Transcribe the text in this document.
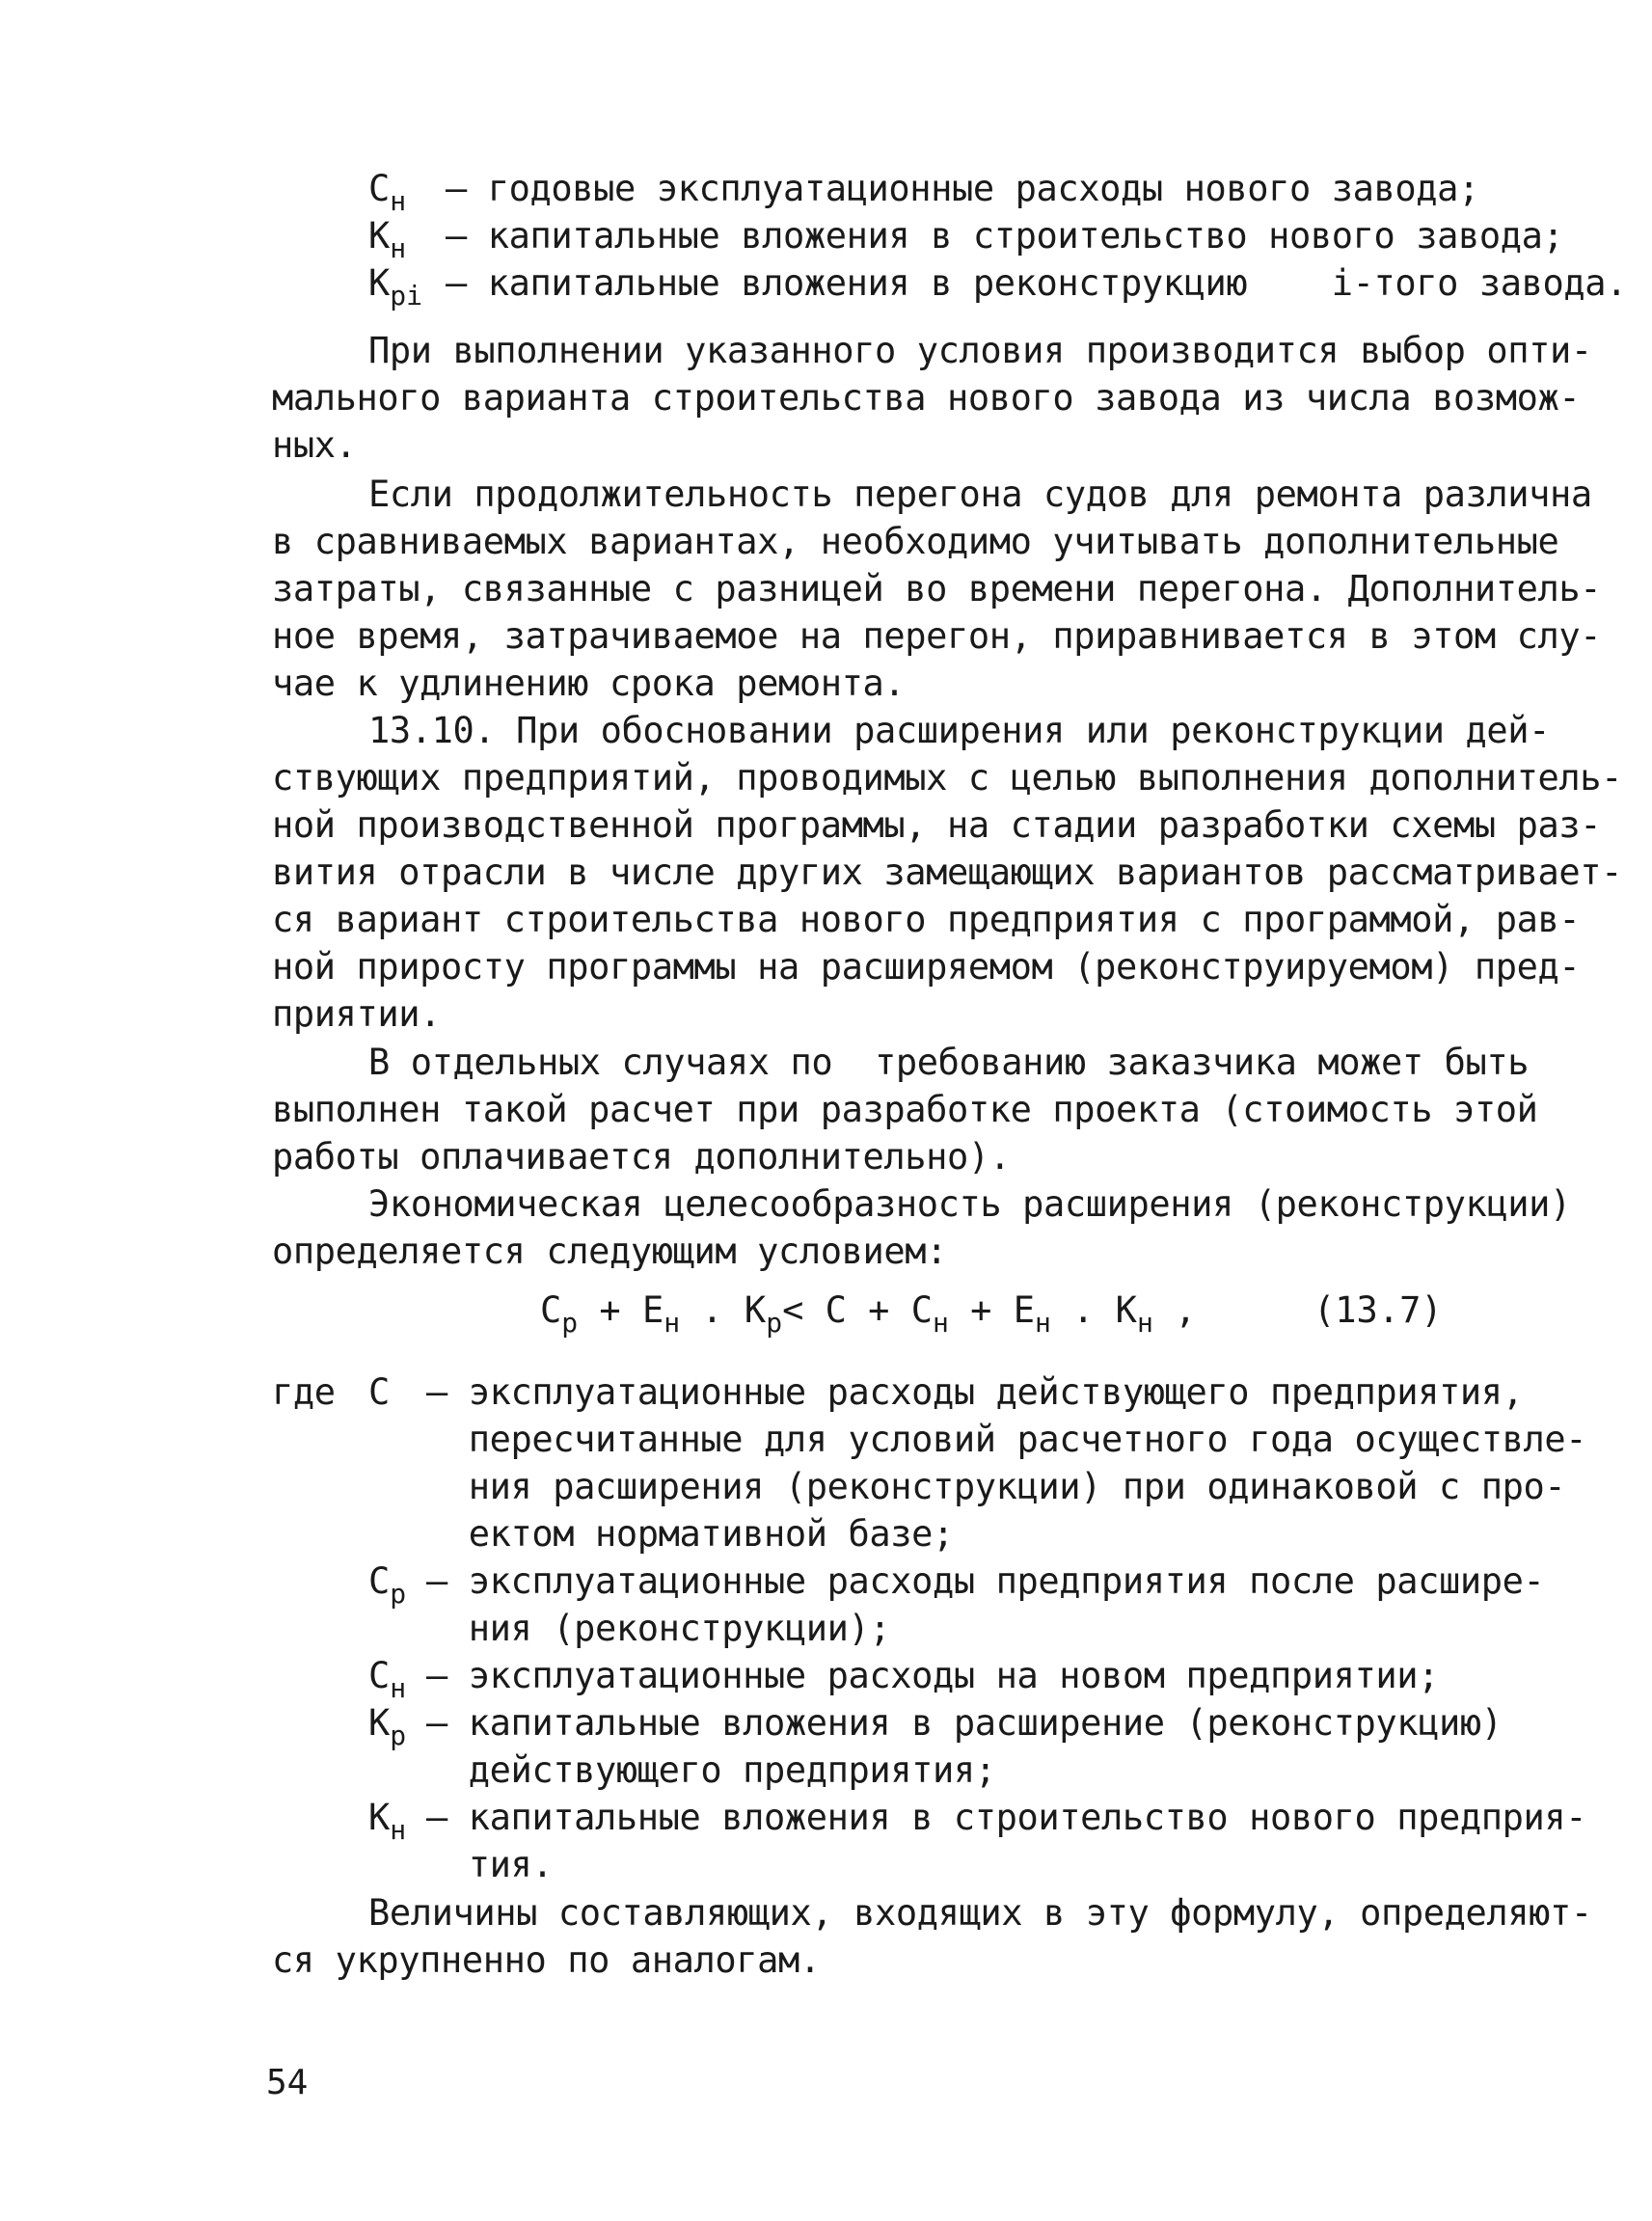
$С_н$ – годовые эксплуатационные расходы нового завода;
$К_н$ – капитальные вложения в строительство нового завода;
$К_{pi}$ – капитальные вложения в реконструкцию    i-того завода.
При выполнении указанного условия производится выбор опти-
мального варианта строительства нового завода из числа возмож-
ных.
Если продолжительность перегона судов для ремонта различна
в сравниваемых вариантах, необходимо учитывать дополнительные
затраты, связанные с разницей во времени перегона. Дополнитель-
ное время, затрачиваемое на перегон, приравнивается в этом слу-
чае к удлинению срока ремонта.
13.10. При обосновании расширения или реконструкции дей-
ствующих предприятий, проводимых с целью выполнения дополнитель-
ной производственной программы, на стадии разработки схемы раз-
вития отрасли в числе других замещающих вариантов рассматривает-
ся вариант строительства нового предприятия с программой, рав-
ной приросту программы на расширяемом (реконструируемом) пред-
приятии.
В отдельных случаях по  требованию заказчика может быть
выполнен такой расчет при разработке проекта (стоимость этой
работы оплачивается дополнительно).
Экономическая целесообразность расширения (реконструкции)
определяется следующим условием:
$С_р + Е_н$ . $К_р< С + С_н + Е_н$ . $К_н$ ,	(13.7)
где С – эксплуатационные расходы действующего предприятия,
пересчитанные для условий расчетного года осуществле-
ния расширения (реконструкции) при одинаковой с про-
ектом нормативной базе;
$С_р$ – эксплуатационные расходы предприятия после расшире-
ния (реконструкции);
$С_н$ – эксплуатационные расходы на новом предприятии;
$К_р$ – капитальные вложения в расширение (реконструкцию)
действующего предприятия;
$К_н$ – капитальные вложения в строительство нового предприя-
тия.
Величины составляющих, входящих в эту формулу, определяют-
ся укрупненно по аналогам.
54
